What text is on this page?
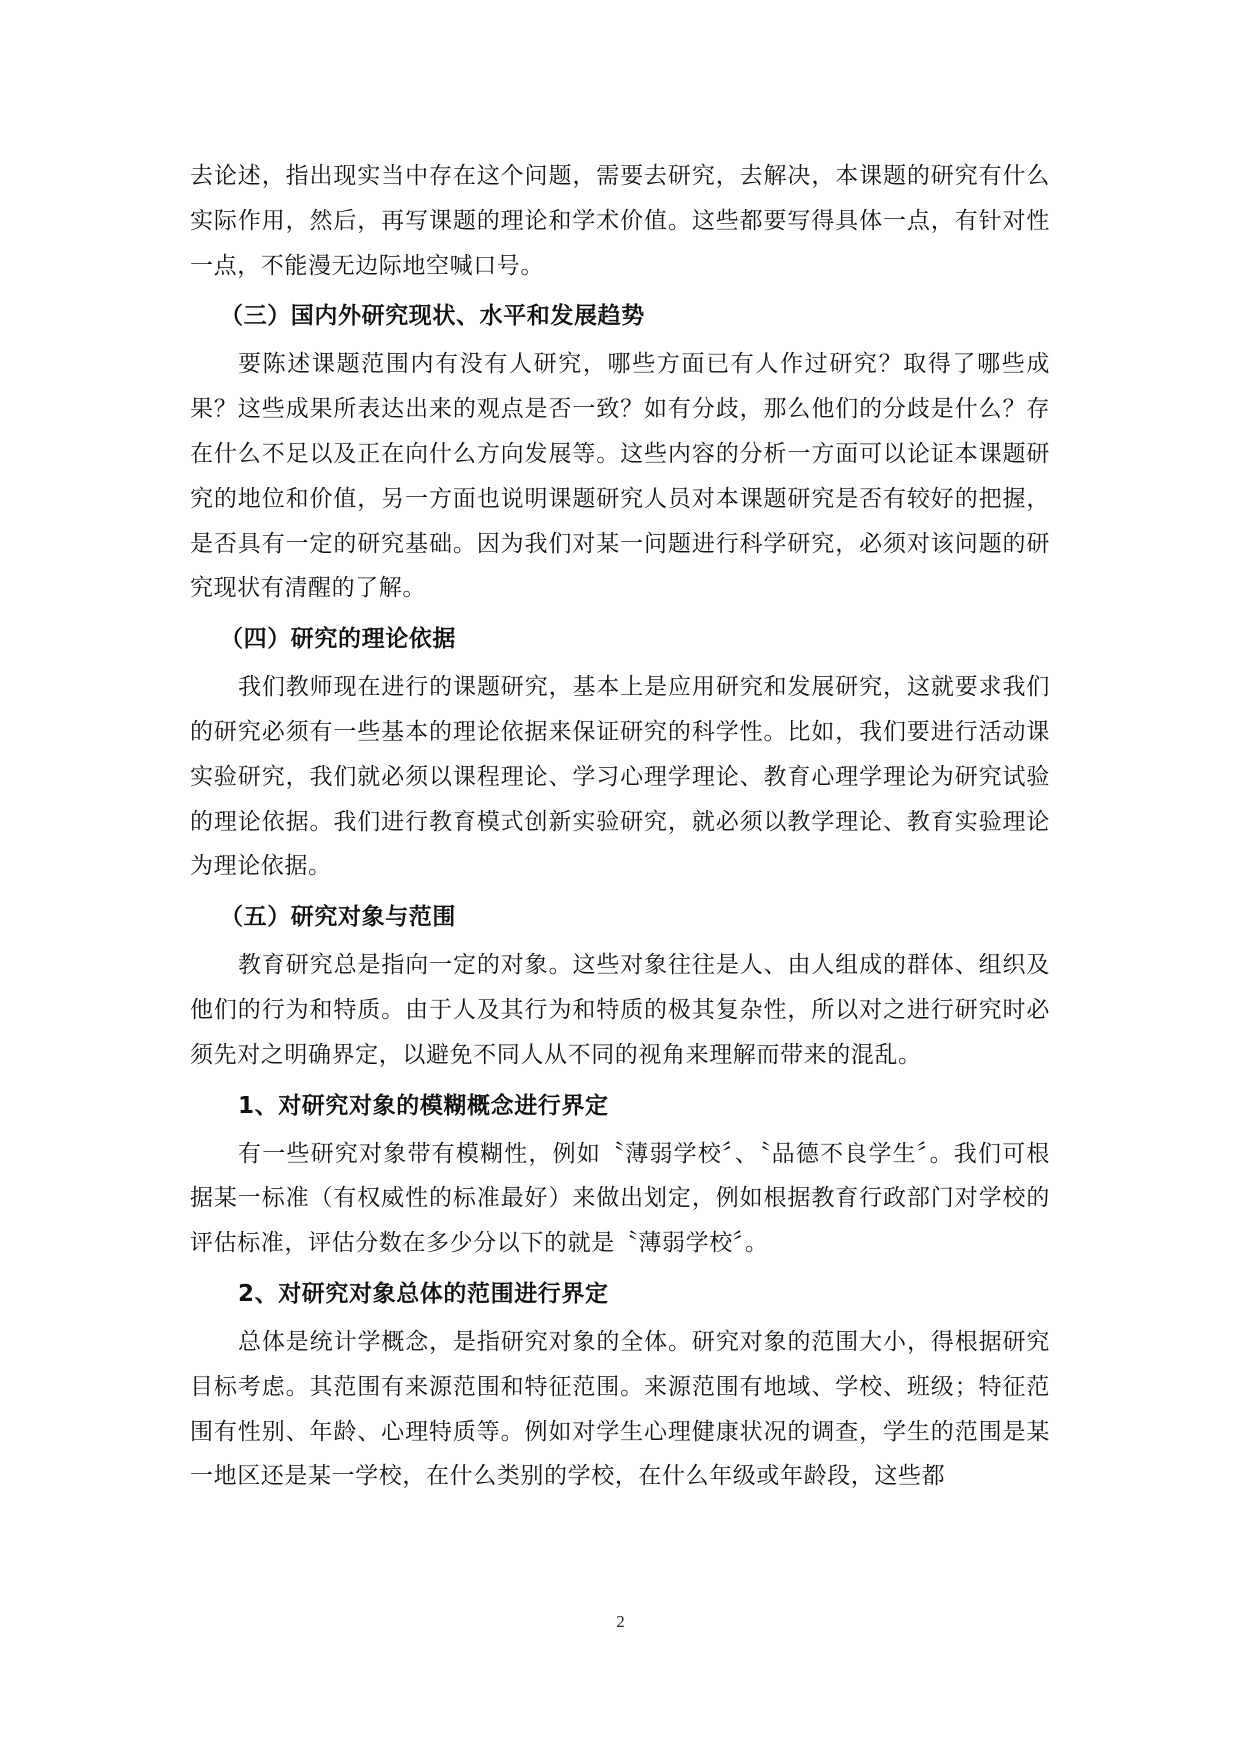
去论述，指出现实当中存在这个问题，需要去研究，去解决，本课题的研究有什么实际作用，然后，再写课题的理论和学术价值。这些都要写得具体一点，有针对性一点，不能漫无边际地空喊口号。

（三）国内外研究现状、水平和发展趋势

要陈述课题范围内有没有人研究，哪些方面已有人作过研究？取得了哪些成果？这些成果所表达出来的观点是否一致？如有分歧，那么他们的分歧是什么？存在什么不足以及正在向什么方向发展等。这些内容的分析一方面可以论证本课题研究的地位和价值，另一方面也说明课题研究人员对本课题研究是否有较好的把握，是否具有一定的研究基础。因为我们对某一问题进行科学研究，必须对该问题的研究现状有清醒的了解。

（四）研究的理论依据

我们教师现在进行的课题研究，基本上是应用研究和发展研究，这就要求我们的研究必须有一些基本的理论依据来保证研究的科学性。比如，我们要进行活动课实验研究，我们就必须以课程理论、学习心理学理论、教育心理学理论为研究试验的理论依据。我们进行教育模式创新实验研究，就必须以教学理论、教育实验理论为理论依据。

（五）研究对象与范围

教育研究总是指向一定的对象。这些对象往往是人、由人组成的群体、组织及他们的行为和特质。由于人及其行为和特质的极其复杂性，所以对之进行研究时必须先对之明确界定，以避免不同人从不同的视角来理解而带来的混乱。

1、对研究对象的模糊概念进行界定

有一些研究对象带有模糊性，例如〝薄弱学校〞、〝品德不良学生〞。我们可根据某一标准（有权威性的标准最好）来做出划定，例如根据教育行政部门对学校的评估标准，评估分数在多少分以下的就是〝薄弱学校〞。

2、对研究对象总体的范围进行界定

总体是统计学概念，是指研究对象的全体。研究对象的范围大小，得根据研究目标考虑。其范围有来源范围和特征范围。来源范围有地域、学校、班级；特征范围有性别、年龄、心理特质等。例如对学生心理健康状况的调查，学生的范围是某一地区还是某一学校，在什么类别的学校，在什么年级或年龄段，这些都

2
